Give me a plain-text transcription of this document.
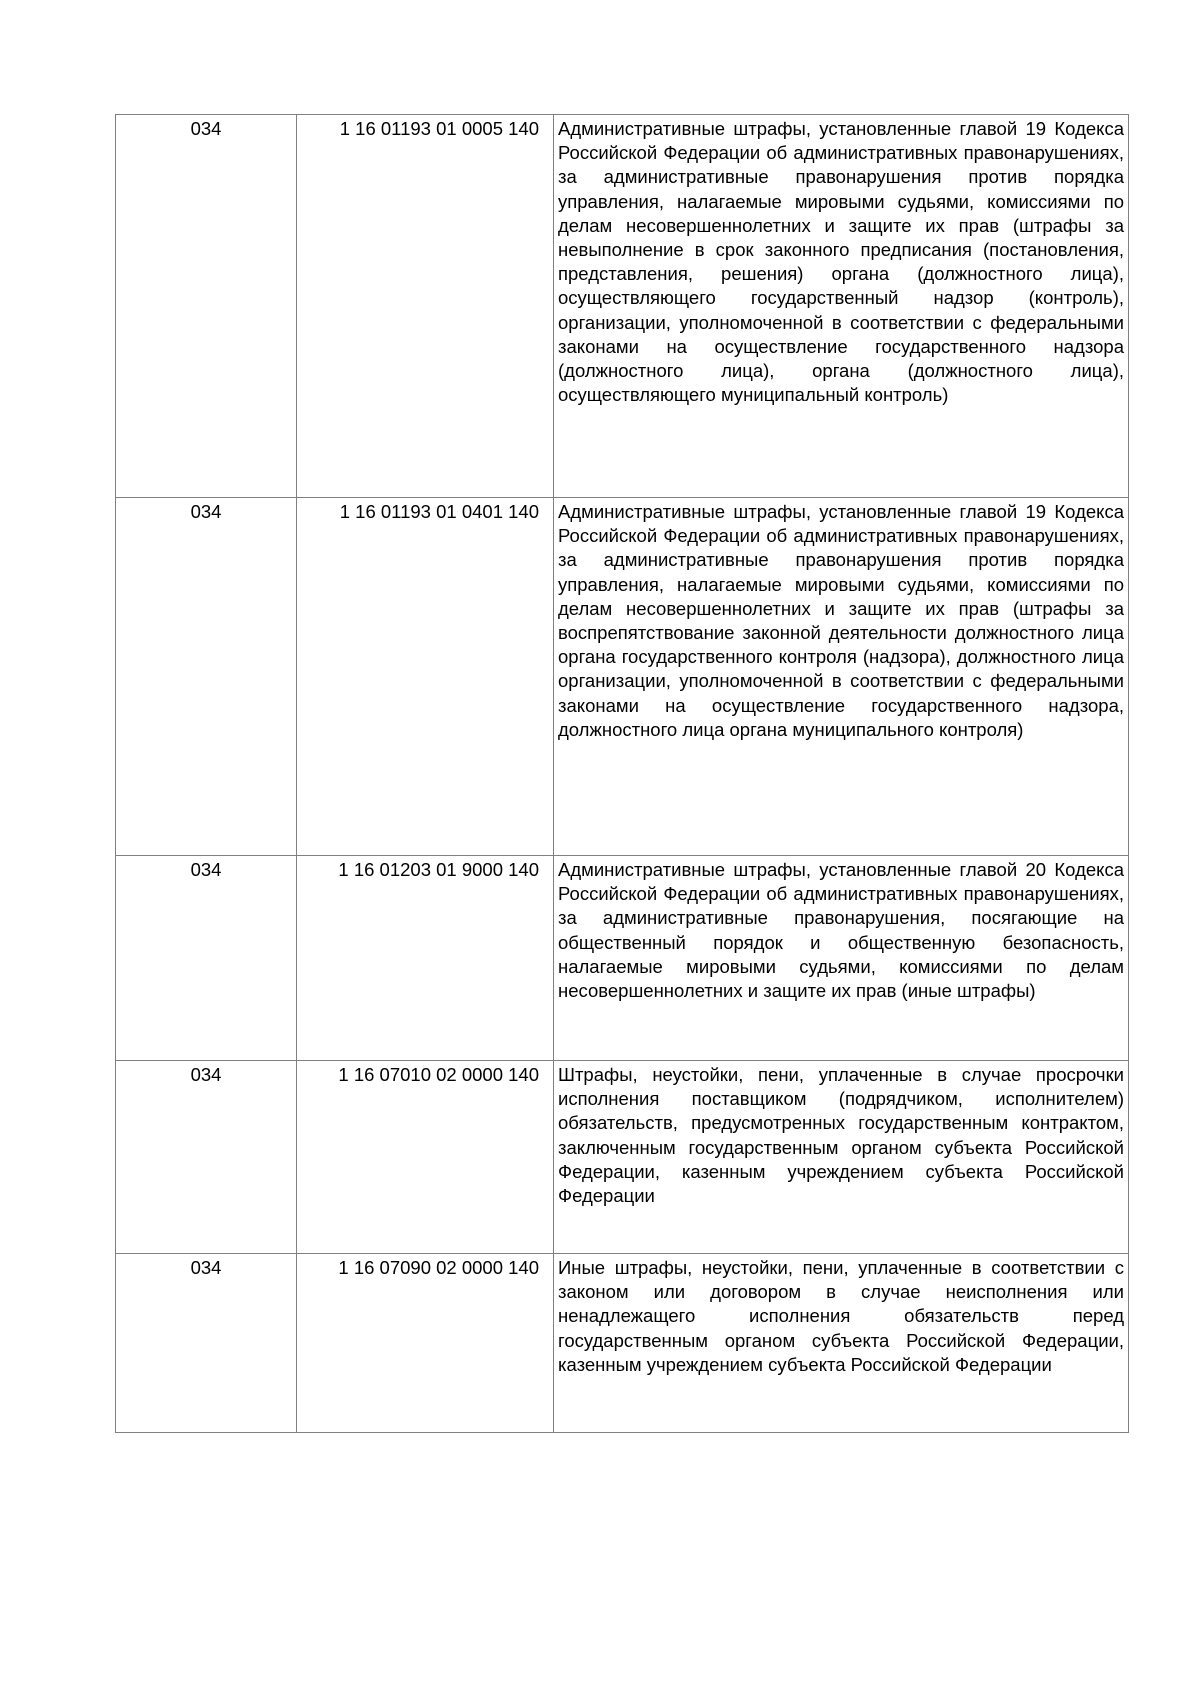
034	1 16 01193 01 0005 140	Административные штрафы, установленные главой 19 Кодекса Российской Федерации об административных правонарушениях, за административные правонарушения против порядка управления, налагаемые мировыми судьями, комиссиями по делам несовершеннолетних и защите их прав (штрафы за невыполнение в срок законного предписания (постановления, представления, решения) органа (должностного лица), осуществляющего государственный надзор (контроль), организации, уполномоченной в соответствии с федеральными законами на осуществление государственного надзора (должностного лица), органа (должностного лица), осуществляющего муниципальный контроль)
034	1 16 01193 01 0401 140	Административные штрафы, установленные главой 19 Кодекса Российской Федерации об административных правонарушениях, за административные правонарушения против порядка управления, налагаемые мировыми судьями, комиссиями по делам несовершеннолетних и защите их прав (штрафы за воспрепятствование законной деятельности должностного лица органа государственного контроля (надзора), должностного лица организации, уполномоченной в соответствии с федеральными законами на осуществление государственного надзора, должностного лица органа муниципального контроля)
034	1 16 01203 01 9000 140	Административные штрафы, установленные главой 20 Кодекса Российской Федерации об административных правонарушениях, за административные правонарушения, посягающие на общественный порядок и общественную безопасность, налагаемые мировыми судьями, комиссиями по делам несовершеннолетних и защите их прав (иные штрафы)
034	1 16 07010 02 0000 140	Штрафы, неустойки, пени, уплаченные в случае просрочки исполнения поставщиком (подрядчиком, исполнителем) обязательств, предусмотренных государственным контрактом, заключенным государственным органом субъекта Российской Федерации, казенным учреждением субъекта Российской Федерации
034	1 16 07090 02 0000 140	Иные штрафы, неустойки, пени, уплаченные в соответствии с законом или договором в случае неисполнения или ненадлежащего исполнения обязательств перед государственным органом субъекта Российской Федерации, казенным учреждением субъекта Российской Федерации
